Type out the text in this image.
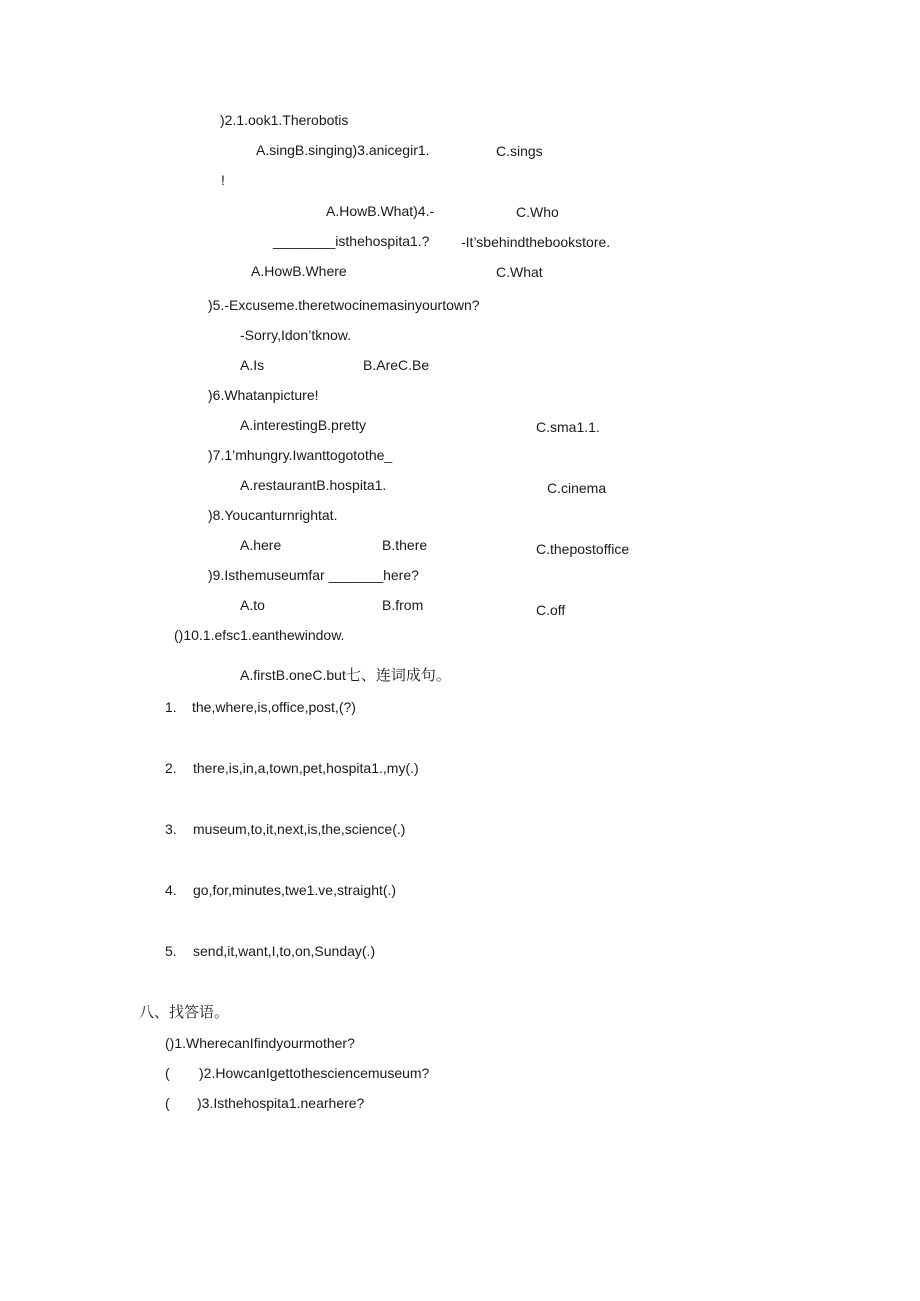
)2.1.ook1.Therobotis
A.singB.singing)3.anicegir1.	C.sings
!
A.HowB.What)4.-	C.Who
________isthehospita1.? -It’sbehindthebookstore.
A.HowB.Where	C.What
)5.-Excuseme.theretwocinemasinyourtown?
-Sorry,Idon’tknow.
A.Is	B.AreC.Be
)6.Whatanpicture!
A.interestingB.pretty	C.sma1.1.
)7.1’mhungry.Iwanttogotothe_
A.restaurantB.hospita1.	C.cinema
)8.Youcanturnrightat.
A.here	B.there	C.thepostoffice
)9.Isthemuseumfar _______here?
A.to	B.from	C.off
()10.1.efsc1.eanthewindow.
A.firstB.oneC.but七、连词成句。
1. the,where,is,office,post,(?)
2. there,is,in,a,town,pet,hospita1.,my(.)
3. museum,to,it,next,is,the,science(.)
4. go,for,minutes,twe1.ve,straight(.)
5. send,it,want,I,to,on,Sunday(.)
八、找答语。
()1.WherecanIfindyourmother?
( )2.HowcanIgettothesciencemuseum?
( )3.Isthehospita1.nearhere?
